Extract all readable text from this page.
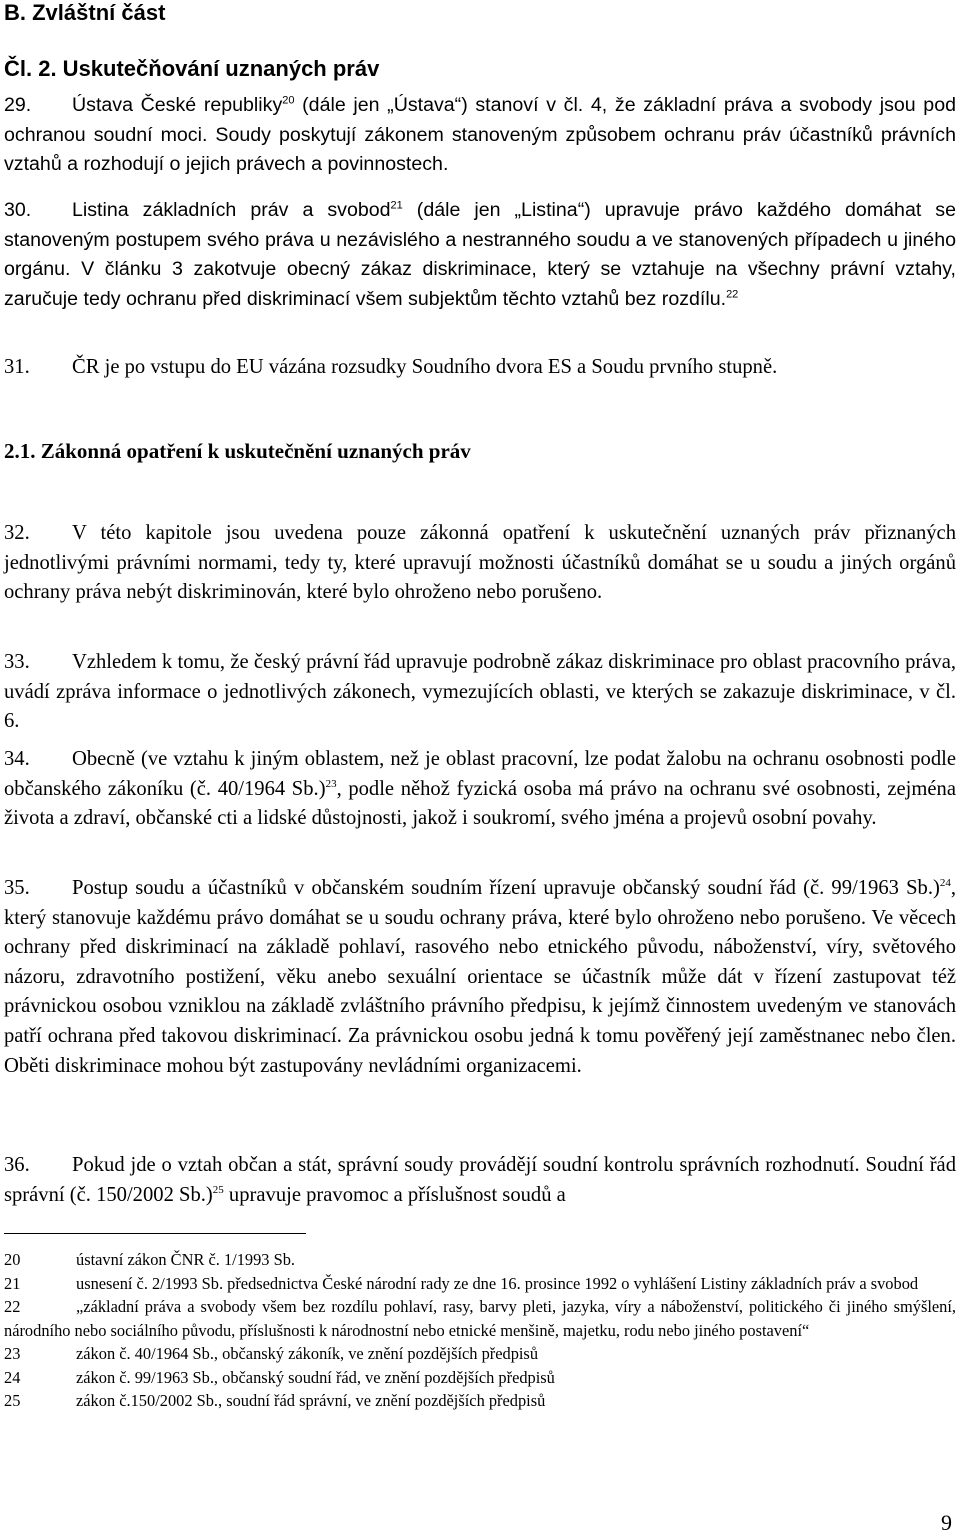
B. Zvláštní část
Čl. 2. Uskutečňování uznaných práv
29. Ústava České republiky$^{20}$ (dále jen „Ústava“) stanoví v čl. 4, že základní práva a svobody jsou pod ochranou soudní moci. Soudy poskytují zákonem stanoveným způsobem ochranu práv účastníků právních vztahů a rozhodují o jejich právech a povinnostech.
30. Listina základních práv a svobod$^{21}$ (dále jen „Listina“) upravuje právo každého domáhat se stanoveným postupem svého práva u nezávislého a nestranného soudu a ve stanovených případech u jiného orgánu. V článku 3 zakotvuje obecný zákaz diskriminace, který se vztahuje na všechny právní vztahy, zaručuje tedy ochranu před diskriminací všem subjektům těchto vztahů bez rozdílu.$^{22}$
31. ČR je po vstupu do EU vázána rozsudky Soudního dvora ES a Soudu prvního stupně.
2.1. Zákonná opatření k uskutečnění uznaných práv
32. V této kapitole jsou uvedena pouze zákonná opatření k uskutečnění uznaných práv přiznaných jednotlivými právními normami, tedy ty, které upravují možnosti účastníků domáhat se u soudu a jiných orgánů ochrany práva nebýt diskriminován, které bylo ohroženo nebo porušeno.
33. Vzhledem k tomu, že český právní řád upravuje podrobně zákaz diskriminace pro oblast pracovního práva, uvádí zpráva informace o jednotlivých zákonech, vymezujících oblasti, ve kterých se zakazuje diskriminace, v čl. 6.
34. Obecně (ve vztahu k jiným oblastem, než je oblast pracovní, lze podat žalobu na ochranu osobnosti podle občanského zákoníku (č. 40/1964 Sb.)$^{23}$, podle něhož fyzická osoba má právo na ochranu své osobnosti, zejména života a zdraví, občanské cti a lidské důstojnosti, jakož i soukromí, svého jména a projevů osobní povahy.
35. Postup soudu a účastníků v občanském soudním řízení upravuje občanský soudní řád (č. 99/1963 Sb.)$^{24}$, který stanovuje každému právo domáhat se u soudu ochrany práva, které bylo ohroženo nebo porušeno. Ve věcech ochrany před diskriminací na základě pohlaví, rasového nebo etnického původu, náboženství, víry, světového názoru, zdravotního postižení, věku anebo sexuální orientace se účastník může dát v řízení zastupovat též právnickou osobou vzniklou na základě zvláštního právního předpisu, k jejímž činnostem uvedeným ve stanovách patří ochrana před takovou diskriminací. Za právnickou osobu jedná k tomu pověřený její zaměstnanec nebo člen. Oběti diskriminace mohou být zastupovány nevládními organizacemi.
36. Pokud jde o vztah občan a stát, správní soudy provádějí soudní kontrolu správních rozhodnutí. Soudní řád správní (č. 150/2002 Sb.)$^{25}$ upravuje pravomoc a příslušnost soudů a
20	ústavní zákon ČNR č. 1/1993 Sb.
21	usnesení č. 2/1993 Sb. předsednictva České národní rady ze dne 16. prosince 1992 o vyhlášení Listiny základních práv a svobod
22	„základní práva a svobody všem bez rozdílu pohlaví, rasy, barvy pleti, jazyka, víry a náboženství, politického či jiného smýšlení, národního nebo sociálního původu, příslušnosti k národnostní nebo etnické menšině, majetku, rodu nebo jiného postavení“
23	zákon č. 40/1964 Sb., občanský zákoník, ve znění pozdějších předpisů
24	zákon č. 99/1963 Sb., občanský soudní řád, ve znění pozdějších předpisů
25	zákon č.150/2002 Sb., soudní řád správní, ve znění pozdějších předpisů
9
